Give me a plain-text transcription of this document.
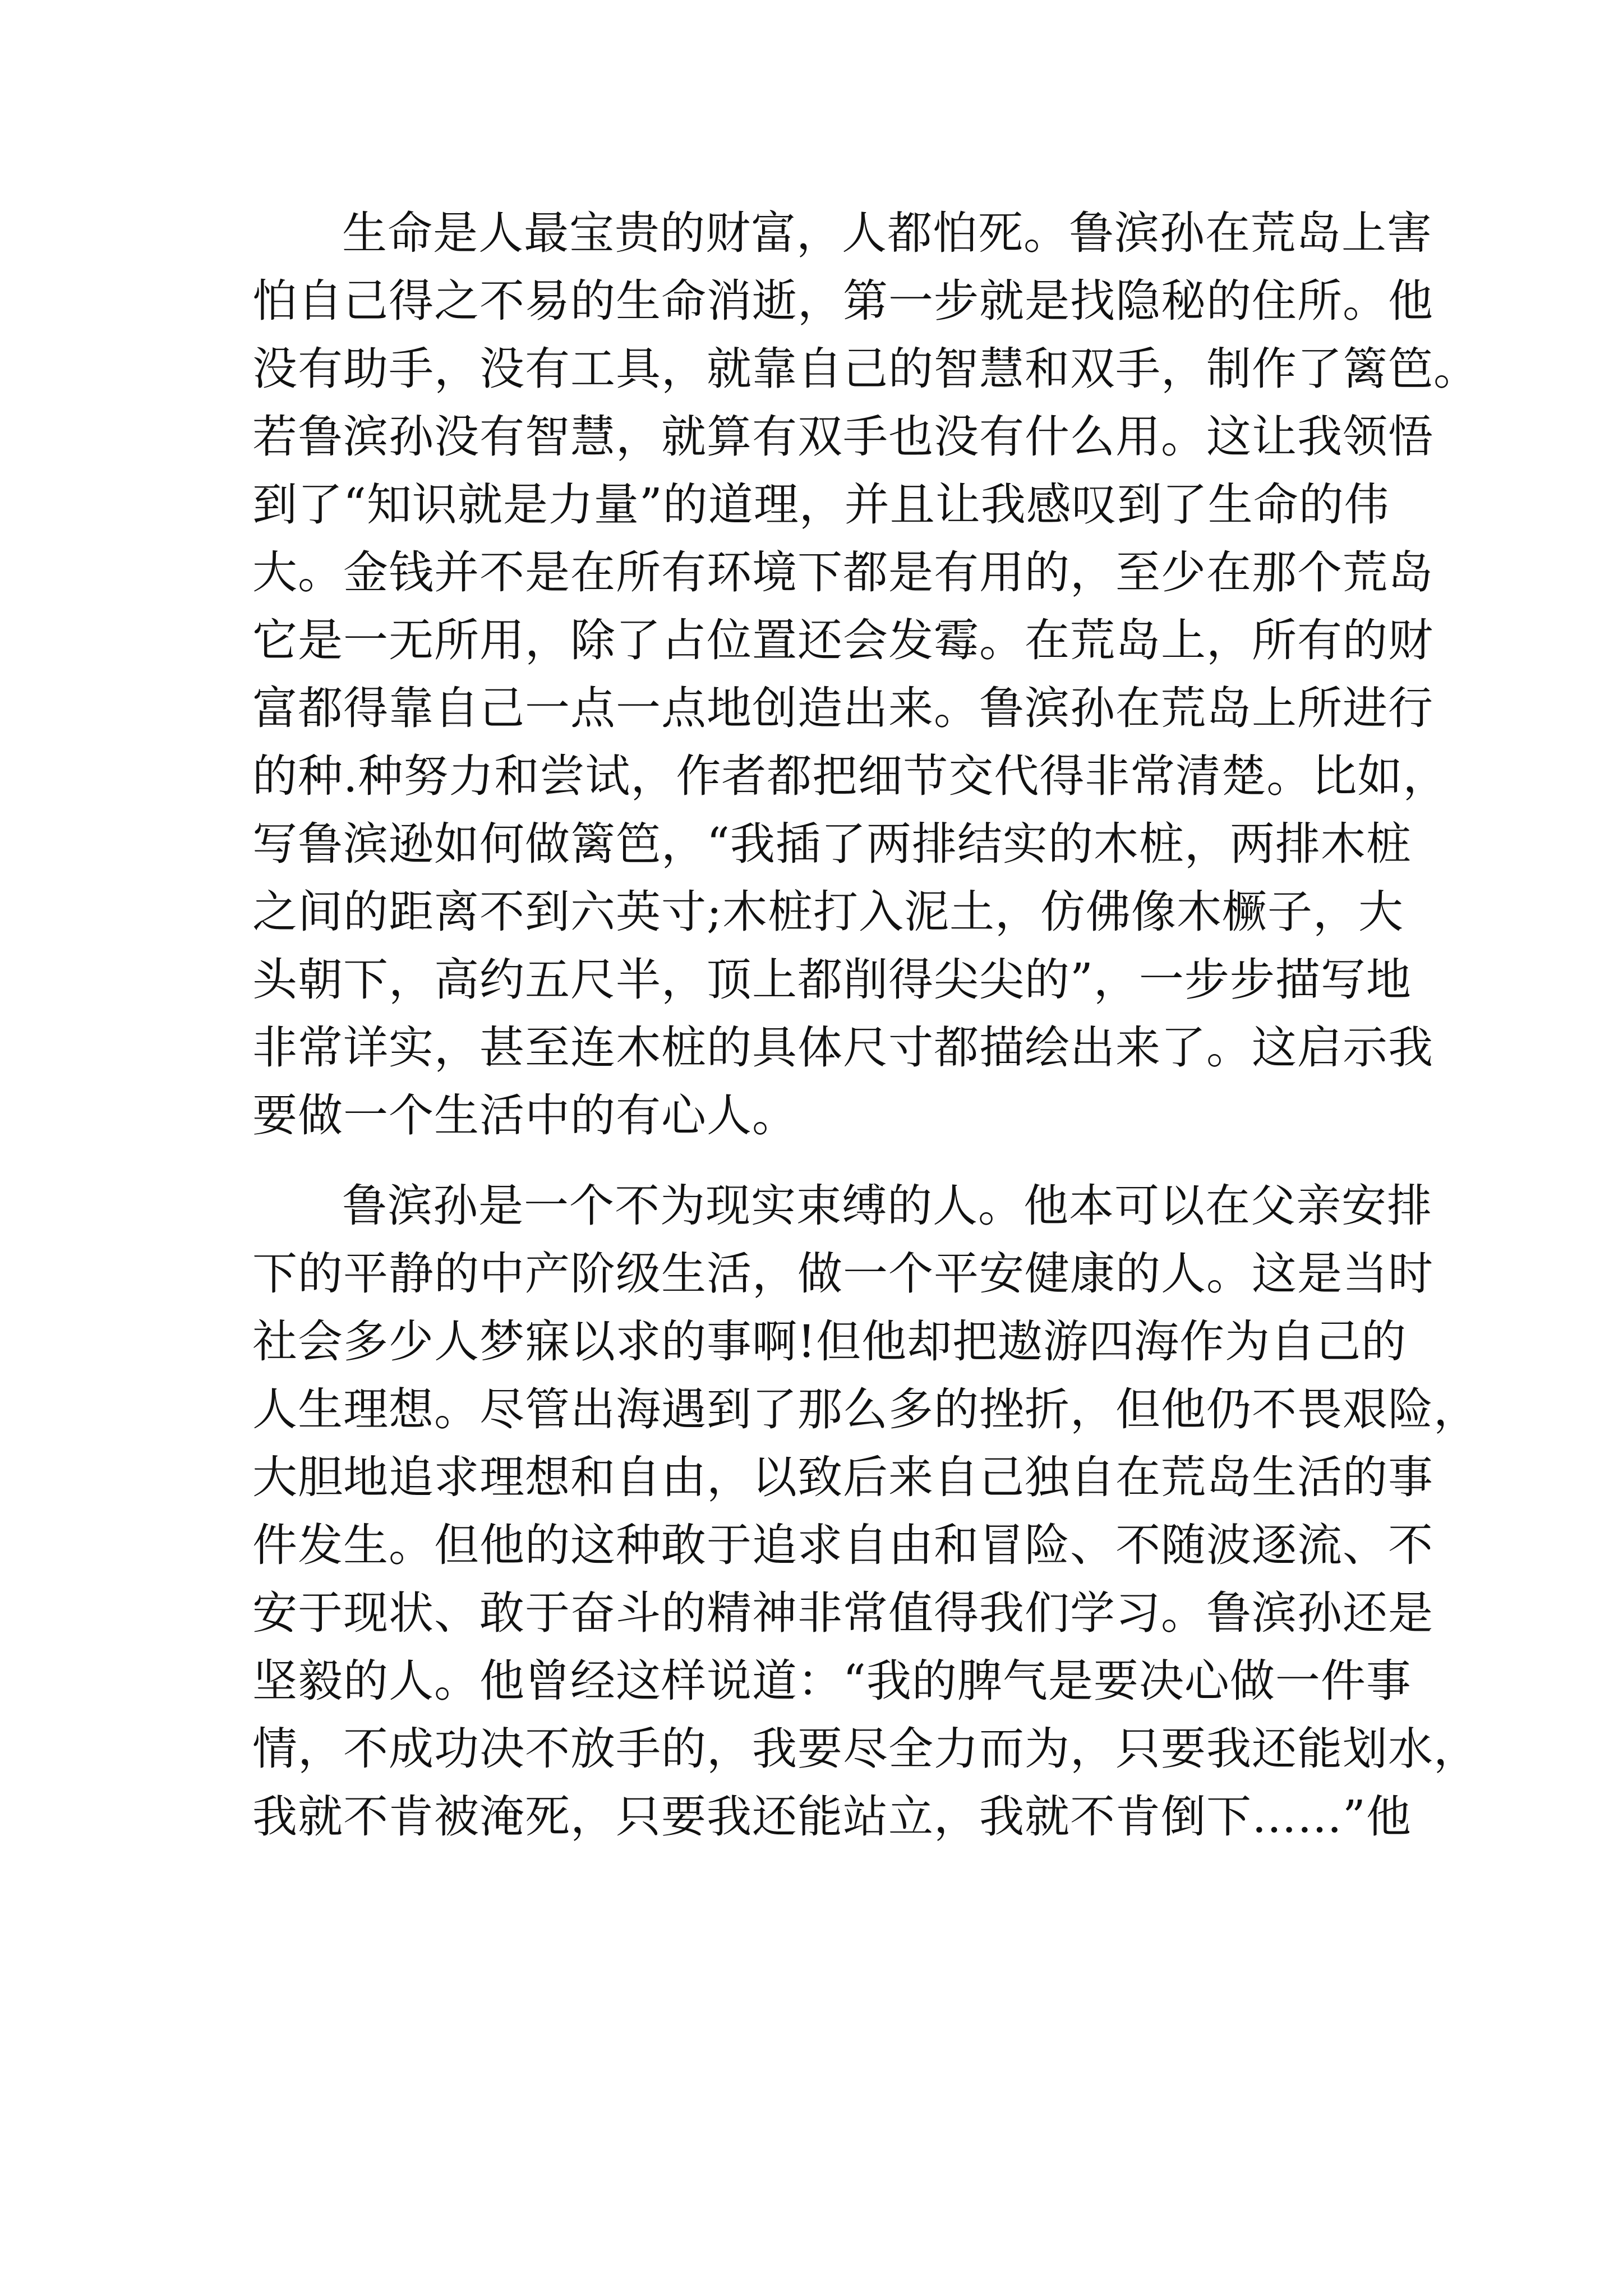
生命是人最宝贵的财富，人都怕死。鲁滨孙在荒岛上害
怕自己得之不易的生命消逝，第一步就是找隐秘的住所。他
没有助手，没有工具，就靠自己的智慧和双手，制作了篱笆。
若鲁滨孙没有智慧，就算有双手也没有什么用。这让我领悟
到了“知识就是力量”的道理，并且让我感叹到了生命的伟
大。金钱并不是在所有环境下都是有用的，至少在那个荒岛
它是一无所用，除了占位置还会发霉。在荒岛上，所有的财
富都得靠自己一点一点地创造出来。鲁滨孙在荒岛上所进行
的种.种努力和尝试，作者都把细节交代得非常清楚。比如，
写鲁滨逊如何做篱笆，“我插了两排结实的木桩，两排木桩
之间的距离不到六英寸;木桩打入泥土，仿佛像木橛子，大
头朝下，高约五尺半，顶上都削得尖尖的”，一步步描写地
非常详实，甚至连木桩的具体尺寸都描绘出来了。这启示我
要做一个生活中的有心人。
鲁滨孙是一个不为现实束缚的人。他本可以在父亲安排
下的平静的中产阶级生活，做一个平安健康的人。这是当时
社会多少人梦寐以求的事啊!但他却把遨游四海作为自己的
人生理想。尽管出海遇到了那么多的挫折，但他仍不畏艰险，
大胆地追求理想和自由，以致后来自己独自在荒岛生活的事
件发生。但他的这种敢于追求自由和冒险、不随波逐流、不
安于现状、敢于奋斗的精神非常值得我们学习。鲁滨孙还是
坚毅的人。他曾经这样说道：“我的脾气是要决心做一件事
情，不成功决不放手的，我要尽全力而为，只要我还能划水，
我就不肯被淹死，只要我还能站立，我就不肯倒下……”他
